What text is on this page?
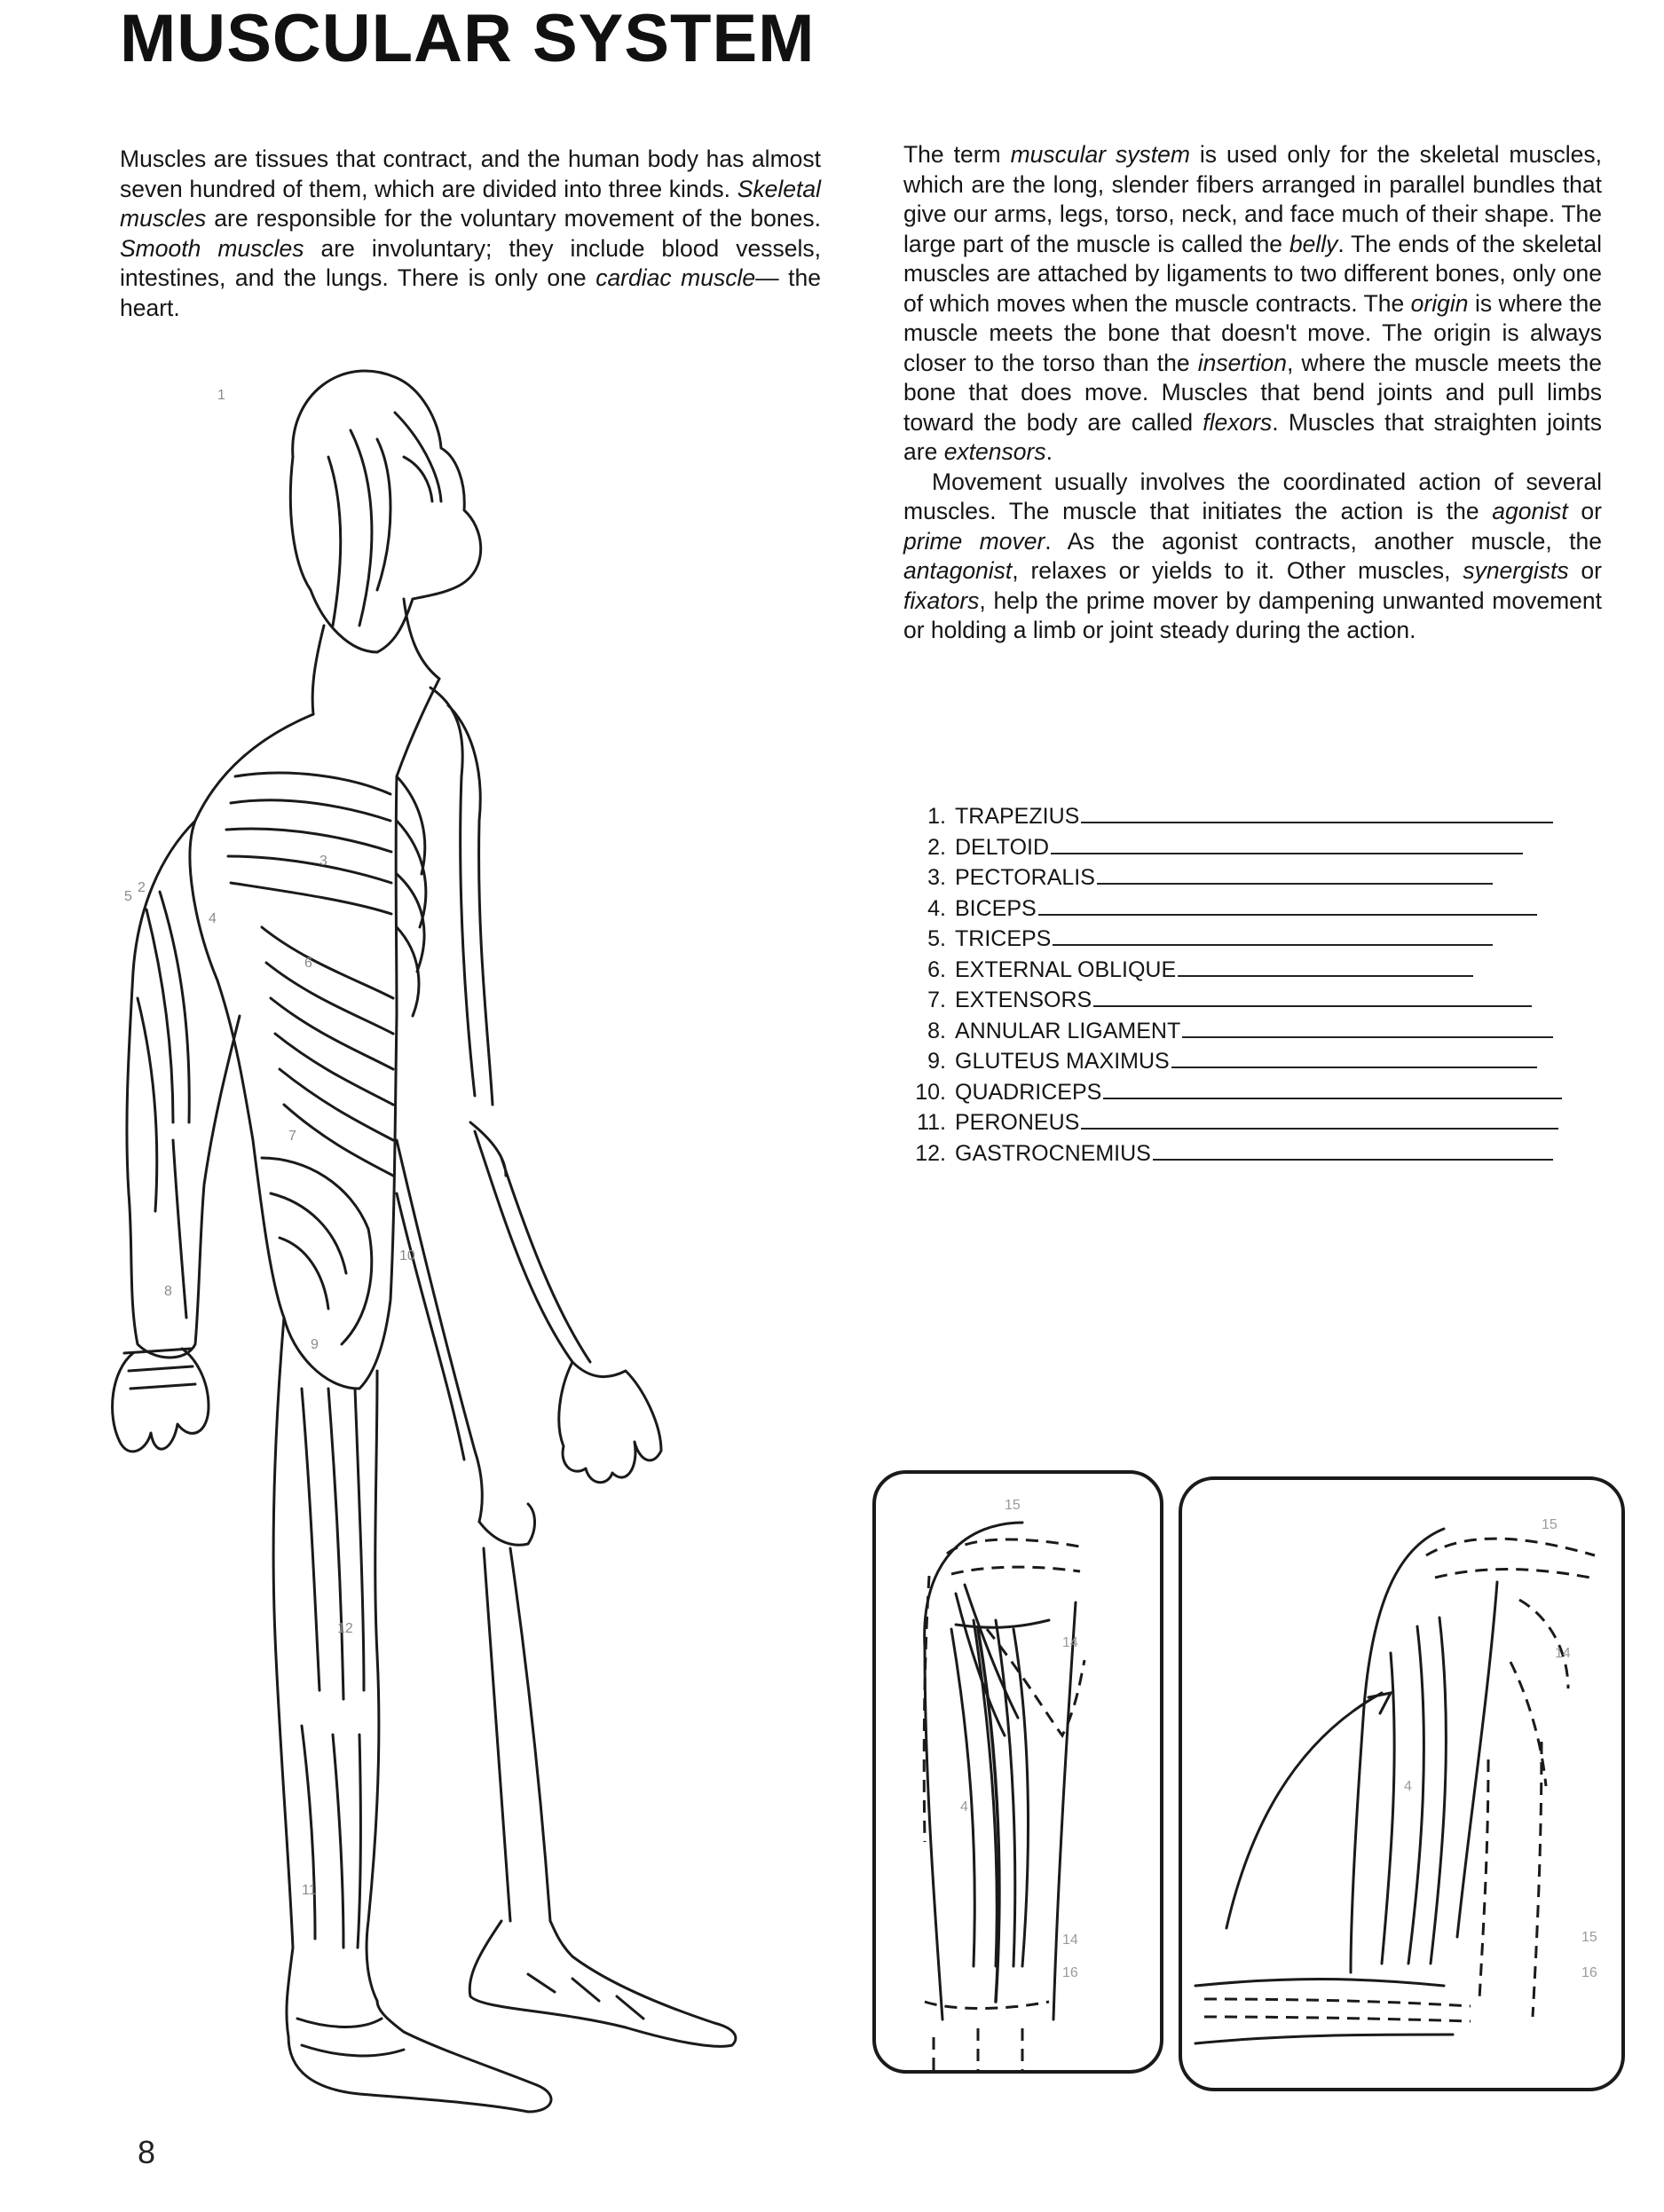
MUSCULAR SYSTEM
Muscles are tissues that contract, and the human body has almost seven hundred of them, which are divided into three kinds. Skeletal muscles are responsible for the voluntary movement of the bones. Smooth muscles are involuntary; they include blood vessels, intestines, and the lungs. There is only one cardiac muscle— the heart.

The term muscular system is used only for the skeletal muscles, which are the long, slender fibers arranged in parallel bundles that give our arms, legs, torso, neck, and face much of their shape. The large part of the muscle is called the belly. The ends of the skeletal muscles are attached by ligaments to two different bones, only one of which moves when the muscle contracts. The origin is where the muscle meets the bone that doesn't move. The origin is always closer to the torso than the insertion, where the muscle meets the bone that does move. Muscles that bend joints and pull limbs toward the body are called flexors. Muscles that straighten joints are extensors.

Movement usually involves the coordinated action of several muscles. The muscle that initiates the action is the agonist or prime mover. As the agonist contracts, another muscle, the antagonist, relaxes or yields to it. Other muscles, synergists or fixators, help the prime mover by dampening unwanted movement or holding a limb or joint steady during the action.

1. TRAPEZIUS
2. DELTOID
3. PECTORALIS
4. BICEPS
5. TRICEPS
6. EXTERNAL OBLIQUE
7. EXTENSORS
8. ANNULAR LIGAMENT
9. GLUTEUS MAXIMUS
10. QUADRICEPS
11. PERONEUS
12. GASTROCNEMIUS
1
2
3
4
5
6
7
8
9
10
11
12
15
14
4
14
16
15
14
4
15
16
8
